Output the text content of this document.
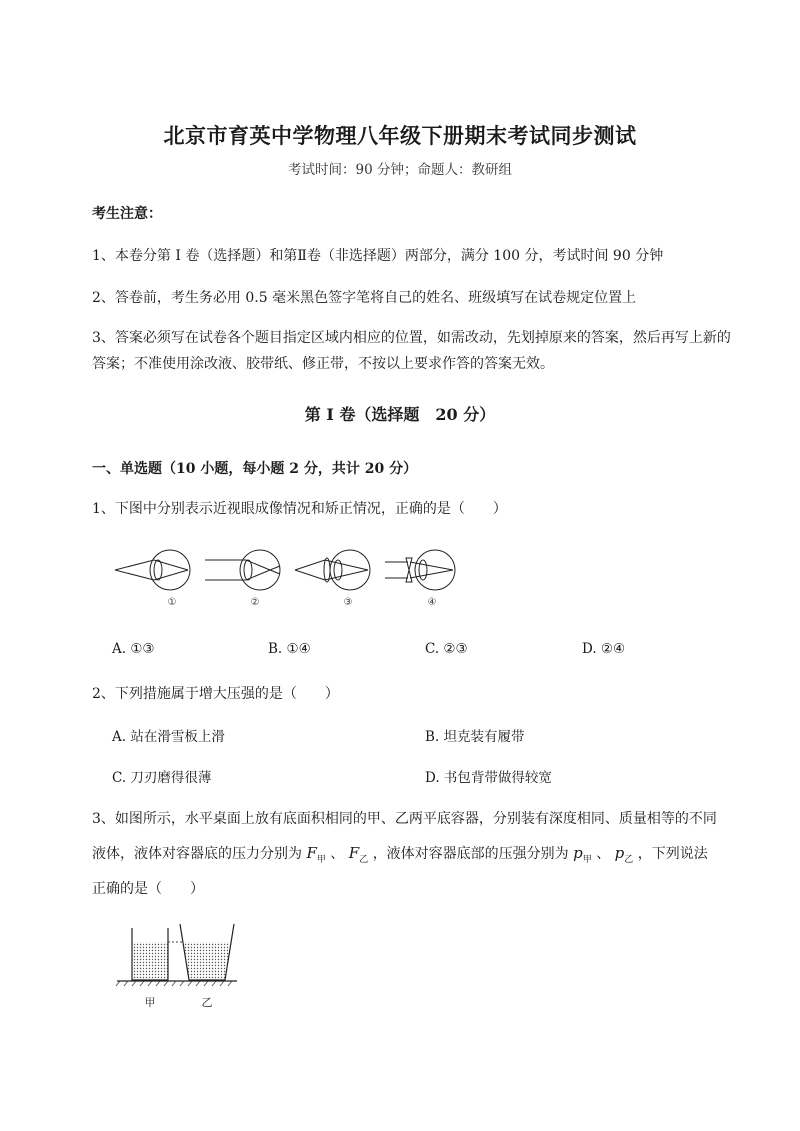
北京市育英中学物理八年级下册期末考试同步测试
考试时间：90 分钟；命题人：教研组
考生注意：
1、本卷分第 I 卷（选择题）和第Ⅱ卷（非选择题）两部分，满分 100 分，考试时间 90 分钟
2、答卷前，考生务必用 0.5 毫米黑色签字笔将自己的姓名、班级填写在试卷规定位置上
3、答案必须写在试卷各个题目指定区域内相应的位置，如需改动，先划掉原来的答案，然后再写上新的答案；不准使用涂改液、胶带纸、修正带，不按以上要求作答的答案无效。
第 I 卷（选择题　20 分）
一、单选题（10 小题，每小题 2 分，共计 20 分）
1、下图中分别表示近视眼成像情况和矫正情况，正确的是（　　）
①	②	③	④
A. ①③	B. ①④	C. ②③	D. ②④
2、下列措施属于增大压强的是（　　）
A. 站在滑雪板上滑	B. 坦克装有履带
C. 刀刃磨得很薄	D. 书包背带做得较宽
3、如图所示，水平桌面上放有底面积相同的甲、乙两平底容器，分别装有深度相同、质量相等的不同
液体，液体对容器底的压力分别为 $F_甲$ 、 $F_乙$ ，液体对容器底部的压强分别为 $p_甲$ 、 $p_乙$ ，下列说法
正确的是（　　）
甲	乙
